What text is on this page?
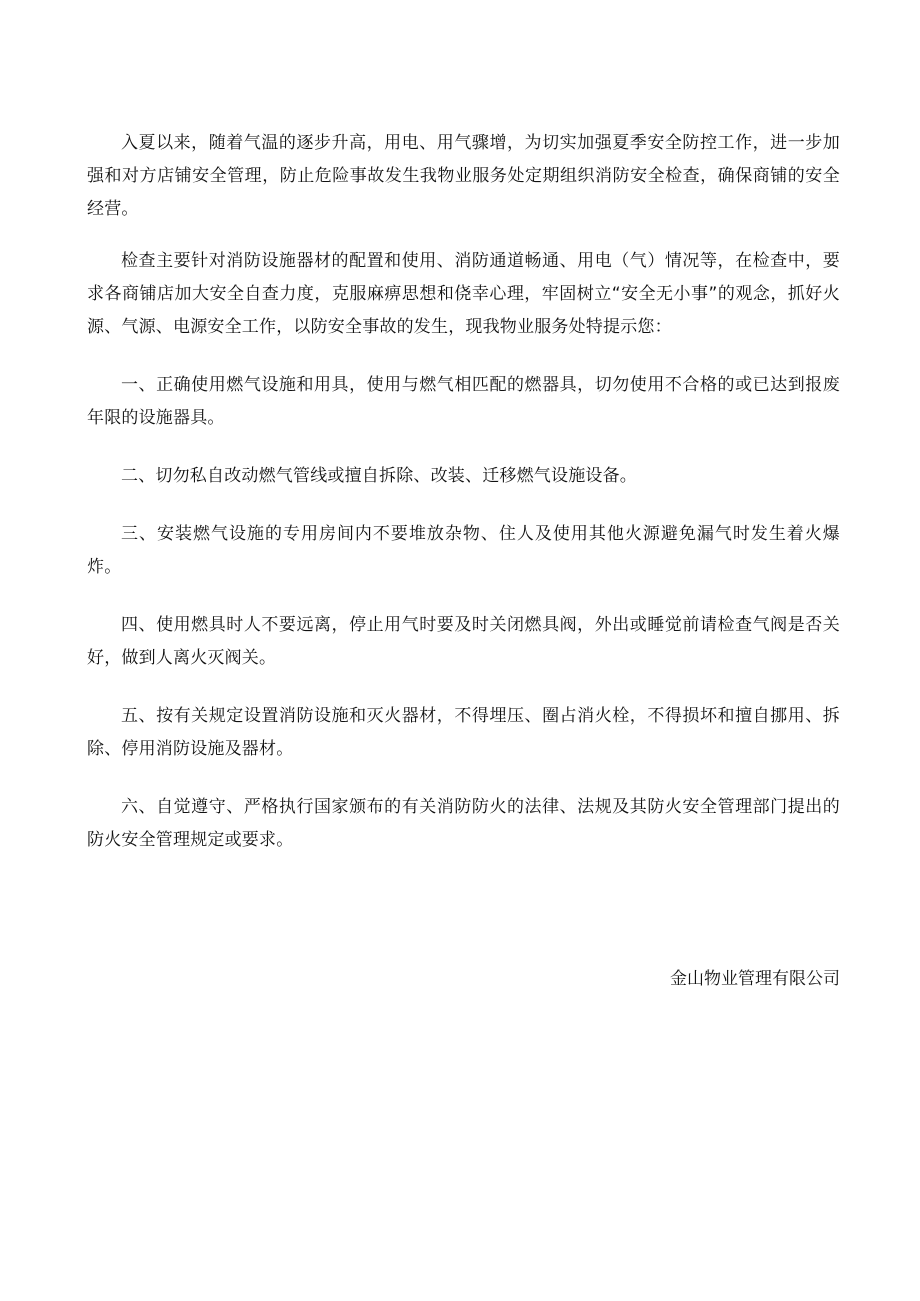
入夏以来，随着气温的逐步升高，用电、用气骤增，为切实加强夏季安全防控工作，进一步加强和对方店铺安全管理，防止危险事故发生我物业服务处定期组织消防安全检查，确保商铺的安全经营。

检查主要针对消防设施器材的配置和使用、消防通道畅通、用电（气）情况等，在检查中，要求各商铺店加大安全自查力度，克服麻痹思想和侥幸心理，牢固树立“安全无小事”的观念，抓好火源、气源、电源安全工作，以防安全事故的发生，现我物业服务处特提示您：

一、正确使用燃气设施和用具，使用与燃气相匹配的燃器具，切勿使用不合格的或已达到报废年限的设施器具。

二、切勿私自改动燃气管线或擅自拆除、改装、迁移燃气设施设备。

三、安装燃气设施的专用房间内不要堆放杂物、住人及使用其他火源避免漏气时发生着火爆炸。

四、使用燃具时人不要远离，停止用气时要及时关闭燃具阀，外出或睡觉前请检查气阀是否关好，做到人离火灭阀关。

五、按有关规定设置消防设施和灭火器材，不得埋压、圈占消火栓，不得损坏和擅自挪用、拆除、停用消防设施及器材。

六、自觉遵守、严格执行国家颁布的有关消防防火的法律、法规及其防火安全管理部门提出的防火安全管理规定或要求。

金山物业管理有限公司
